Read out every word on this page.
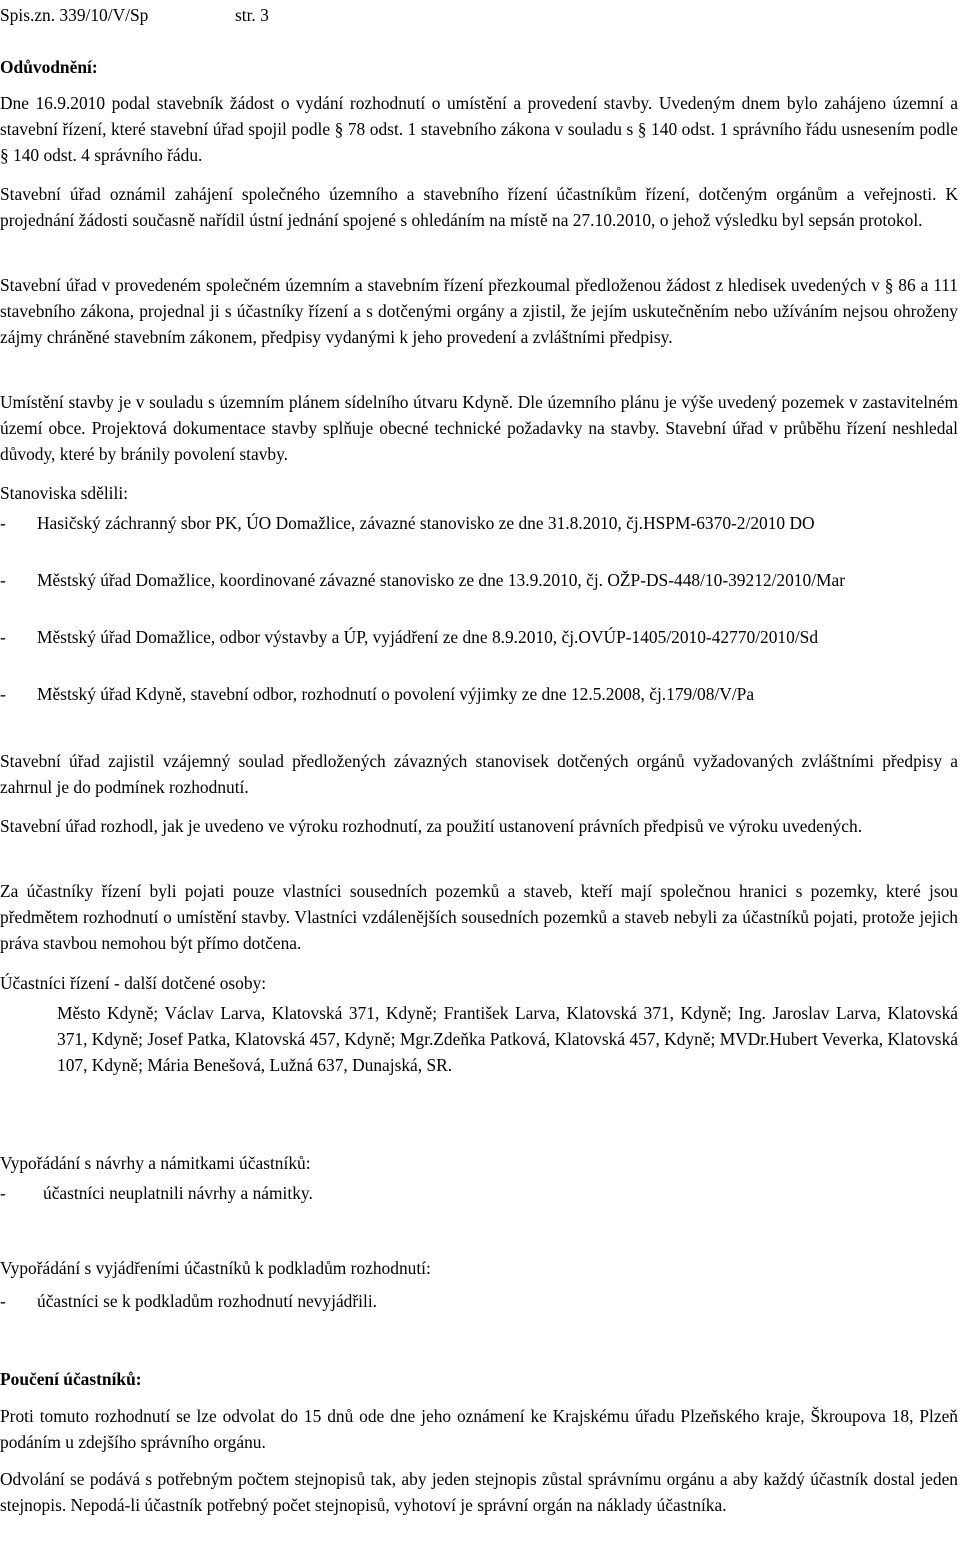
Spis.zn. 339/10/V/Sp	str. 3
Odůvodnění:

Dne 16.9.2010 podal stavebník žádost o vydání rozhodnutí o umístění a provedení stavby. Uvedeným dnem bylo zahájeno územní a stavební řízení, které stavební úřad spojil podle § 78 odst. 1 stavebního zákona v souladu s § 140 odst. 1 správního řádu usnesením podle § 140 odst. 4 správního řádu.

Stavební úřad oznámil zahájení společného územního a stavebního řízení účastníkům řízení, dotčeným orgánům a veřejnosti. K projednání žádosti současně nařídil ústní jednání spojené s ohledáním na místě na 27.10.2010, o jehož výsledku byl sepsán protokol.

Stavební úřad v provedeném společném územním a stavebním řízení přezkoumal předloženou žádost z hledisek uvedených v § 86 a 111 stavebního zákona, projednal ji s účastníky řízení a s dotčenými orgány a zjistil, že jejím uskutečněním nebo užíváním nejsou ohroženy zájmy chráněné stavebním zákonem, předpisy vydanými k jeho provedení a zvláštními předpisy.

Umístění stavby je v souladu s územním plánem sídelního útvaru Kdyně. Dle územního plánu je výše uvedený pozemek v zastavitelném území obce. Projektová dokumentace stavby splňuje obecné technické požadavky na stavby. Stavební úřad v průběhu řízení neshledal důvody, které by bránily povolení stavby.

Stanoviska sdělili:
- Hasičský záchranný sbor PK, ÚO Domažlice, závazné stanovisko ze dne 31.8.2010, čj.HSPM-6370-2/2010 DO
- Městský úřad Domažlice, koordinované závazné stanovisko ze dne 13.9.2010, čj. OŽP-DS-448/10-39212/2010/Mar
- Městský úřad Domažlice, odbor výstavby a ÚP, vyjádření ze dne 8.9.2010, čj.OVÚP-1405/2010-42770/2010/Sd
- Městský úřad Kdyně, stavební odbor, rozhodnutí o povolení výjimky ze dne 12.5.2008, čj.179/08/V/Pa

Stavební úřad zajistil vzájemný soulad předložených závazných stanovisek dotčených orgánů vyžadovaných zvláštními předpisy a zahrnul je do podmínek rozhodnutí.

Stavební úřad rozhodl, jak je uvedeno ve výroku rozhodnutí, za použití ustanovení právních předpisů ve výroku uvedených.

Za účastníky řízení byli pojati pouze vlastníci sousedních pozemků a staveb, kteří mají společnou hranici s pozemky, které jsou předmětem rozhodnutí o umístění stavby. Vlastníci vzdálenějších sousedních pozemků a staveb nebyli za účastníků pojati, protože jejich práva stavbou nemohou být přímo dotčena.

Účastníci řízení - další dotčené osoby:

Město Kdyně; Václav Larva, Klatovská 371, Kdyně; František Larva, Klatovská 371, Kdyně; Ing. Jaroslav Larva, Klatovská 371, Kdyně; Josef Patka, Klatovská 457, Kdyně; Mgr.Zdeňka Patková, Klatovská 457, Kdyně; MVDr.Hubert Veverka, Klatovská 107, Kdyně; Mária Benešová, Lužná 637, Dunajská, SR.

Vypořádání s návrhy a námitkami účastníků:
- účastníci neuplatnili návrhy a námitky.
Vypořádání s vyjádřeními účastníků k podkladům rozhodnutí:
- účastníci se k podkladům rozhodnutí nevyjádřili.
Poučení účastníků:

Proti tomuto rozhodnutí se lze odvolat do 15 dnů ode dne jeho oznámení ke Krajskému úřadu Plzeňského kraje, Škroupova 18, Plzeň podáním u zdejšího správního orgánu.

Odvolání se podává s potřebným počtem stejnopisů tak, aby jeden stejnopis zůstal správnímu orgánu a aby každý účastník dostal jeden stejnopis. Nepodá-li účastník potřebný počet stejnopisů, vyhotoví je správní orgán na náklady účastníka.
